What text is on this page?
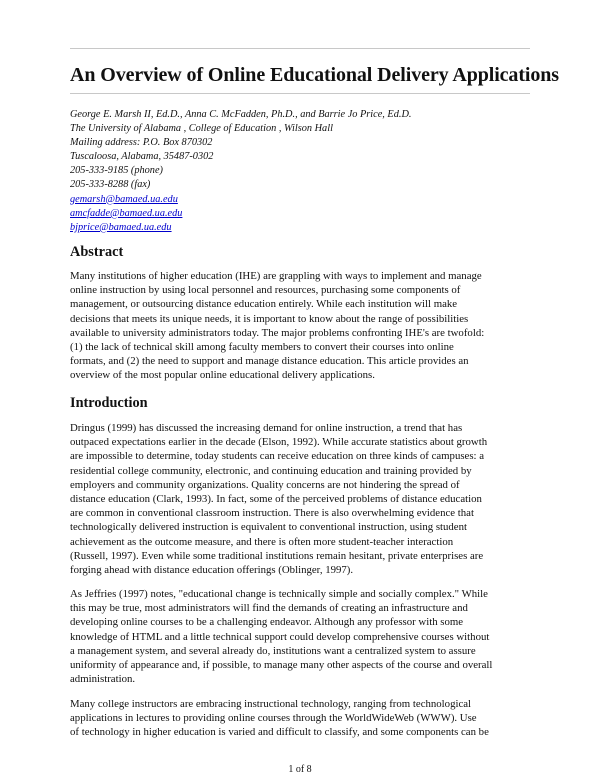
An Overview of Online Educational Delivery Applications
George E. Marsh II, Ed.D., Anna C. McFadden, Ph.D., and Barrie Jo Price, Ed.D.
The University of Alabama , College of Education , Wilson Hall
Mailing address: P.O. Box 870302
Tuscaloosa, Alabama, 35487-0302
205-333-9185 (phone)
205-333-8288 (fax)
gemarsh@bamaed.ua.edu
amcfadde@bamaed.ua.edu
bjprice@bamaed.ua.edu
Abstract

Many institutions of higher education (IHE) are grappling with ways to implement and manage
online instruction by using local personnel and resources, purchasing some components of
management, or outsourcing distance education entirely. While each institution will make
decisions that meets its unique needs, it is important to know about the range of possibilities
available to university administrators today. The major problems confronting IHE's are twofold:
(1) the lack of technical skill among faculty members to convert their courses into online
formats, and (2) the need to support and manage distance education. This article provides an
overview of the most popular online educational delivery applications.

Introduction

Dringus (1999) has discussed the increasing demand for online instruction, a trend that has
outpaced expectations earlier in the decade (Elson, 1992). While accurate statistics about growth
are impossible to determine, today students can receive education on three kinds of campuses: a
residential college community, electronic, and continuing education and training provided by
employers and community organizations. Quality concerns are not hindering the spread of
distance education (Clark, 1993). In fact, some of the perceived problems of distance education
are common in conventional classroom instruction. There is also overwhelming evidence that
technologically delivered instruction is equivalent to conventional instruction, using student
achievement as the outcome measure, and there is often more student-teacher interaction
(Russell, 1997). Even while some traditional institutions remain hesitant, private enterprises are
forging ahead with distance education offerings (Oblinger, 1997).

As Jeffries (1997) notes, "educational change is technically simple and socially complex." While
this may be true, most administrators will find the demands of creating an infrastructure and
developing online courses to be a challenging endeavor. Although any professor with some
knowledge of HTML and a little technical support could develop comprehensive courses without
a management system, and several already do, institutions want a centralized system to assure
uniformity of appearance and, if possible, to manage many other aspects of the course and overall
administration.

Many college instructors are embracing instructional technology, ranging from technological
applications in lectures to providing online courses through the WorldWideWeb (WWW). Use
of technology in higher education is varied and difficult to classify, and some components can be

1 of 8
